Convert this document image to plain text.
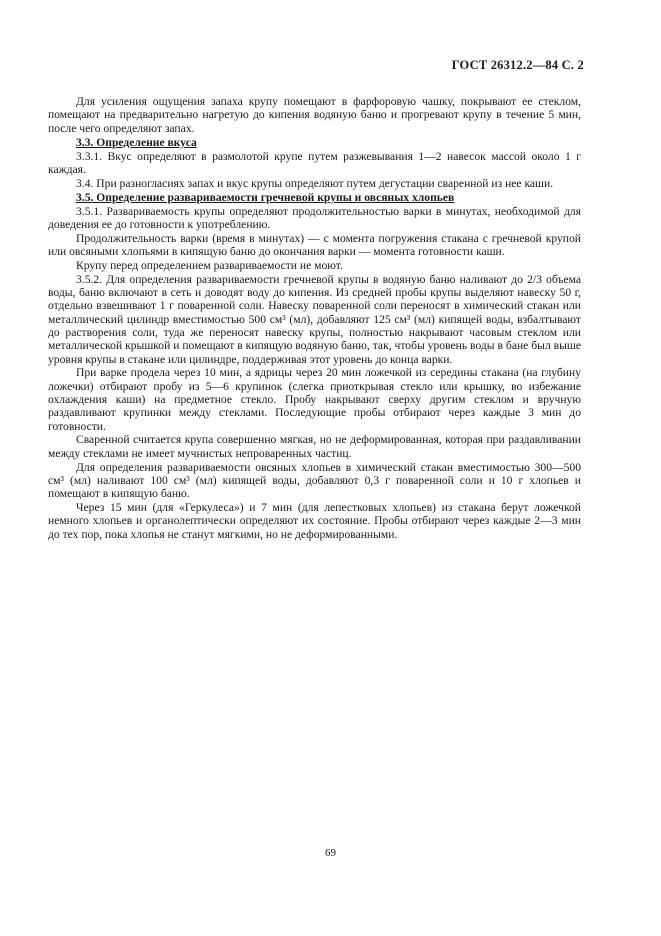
ГОСТ 26312.2—84 С. 2

Для усиления ощущения запаха крупу помещают в фарфоровую чашку, покрывают ее стеклом, помещают на предварительно нагретую до кипения водяную баню и прогревают крупу в течение 5 мин, после чего определяют запах.

3.3. Определение вкуса

3.3.1. Вкус определяют в размолотой крупе путем разжевывания 1—2 навесок массой около 1 г каждая.

3.4. При разногласиях запах и вкус крупы определяют путем дегустации сваренной из нее каши.

3.5. Определение развариваемости гречневой крупы и овсяных хлопьев

3.5.1. Развариваемость крупы определяют продолжительностью варки в минутах, необходимой для доведения ее до готовности к употреблению.

Продолжительность варки (время в минутах) — с момента погружения стакана с гречневой крупой или овсяными хлопьями в кипящую баню до окончания варки — момента готовности каши.

Крупу перед определением развариваемости не моют.

3.5.2. Для определения развариваемости гречневой крупы в водяную баню наливают до 2/3 объема воды, баню включают в сеть и доводят воду до кипения. Из средней пробы крупы выделяют навеску 50 г, отдельно взвешивают 1 г поваренной соли. Навеску поваренной соли переносят в химический стакан или металлический цилиндр вместимостью 500 см³ (мл), добавляют 125 см³ (мл) кипящей воды, взбалтывают до растворения соли, туда же переносят навеску крупы, полностью накрывают часовым стеклом или металлической крышкой и помещают в кипящую водяную баню, так, чтобы уровень воды в бане был выше уровня крупы в стакане или цилиндре, поддерживая этот уровень до конца варки.

При варке продела через 10 мин, а ядрицы через 20 мин ложечкой из середины стакана (на глубину ложечки) отбирают пробу из 5—6 крупинок (слегка приоткрывая стекло или крышку, во избежание охлаждения каши) на предметное стекло. Пробу накрывают сверху другим стеклом и вручную раздавливают крупинки между стеклами. Последующие пробы отбирают через каждые 3 мин до готовности.

Сваренной считается крупа совершенно мягкая, но не деформированная, которая при раздавливании между стеклами не имеет мучнистых непроваренных частиц.

Для определения развариваемости овсяных хлопьев в химический стакан вместимостью 300—500 см³ (мл) наливают 100 см³ (мл) кипящей воды, добавляют 0,3 г поваренной соли и 10 г хлопьев и помещают в кипящую баню.

Через 15 мин (для «Геркулеса») и 7 мин (для лепестковых хлопьев) из стакана берут ложечкой немного хлопьев и органолептически определяют их состояние. Пробы отбирают через каждые 2—3 мин до тех пор, пока хлопья не станут мягкими, но не деформированными.

69
